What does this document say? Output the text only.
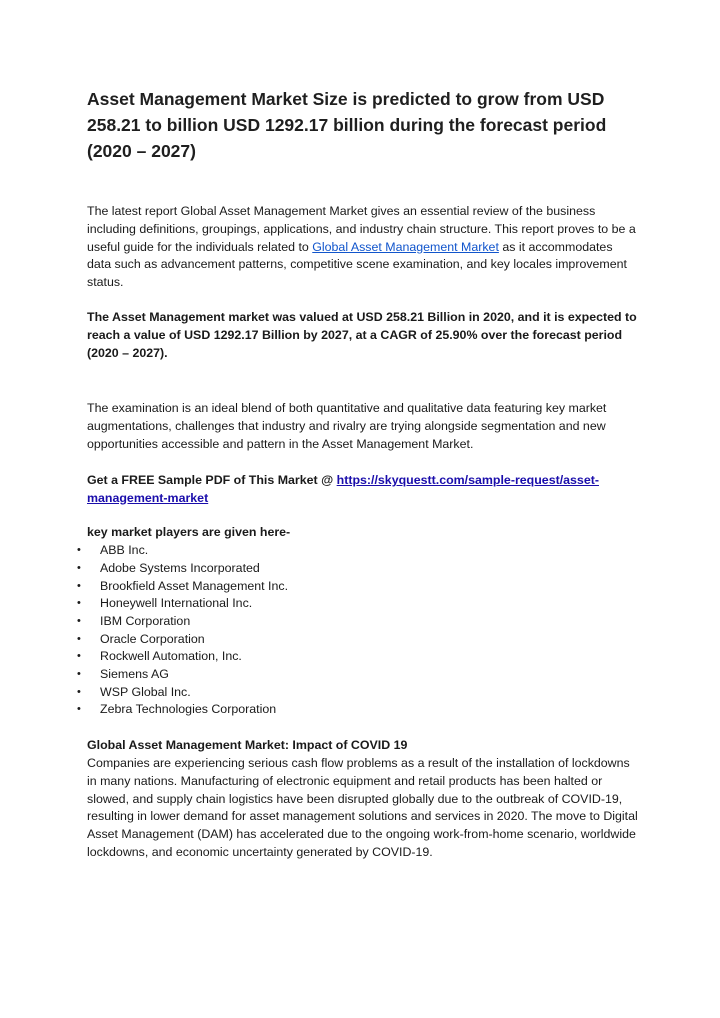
Asset Management Market Size is predicted to grow from USD 258.21 to billion USD 1292.17 billion during the forecast period (2020 – 2027)

The latest report Global Asset Management Market gives an essential review of the business including definitions, groupings, applications, and industry chain structure. This report proves to be a useful guide for the individuals related to Global Asset Management Market as it accommodates data such as advancement patterns, competitive scene examination, and key locales improvement status.

The Asset Management market was valued at USD 258.21 Billion in 2020, and it is expected to reach a value of USD 1292.17 Billion by 2027, at a CAGR of 25.90% over the forecast period (2020 – 2027).

The examination is an ideal blend of both quantitative and qualitative data featuring key market augmentations, challenges that industry and rivalry are trying alongside segmentation and new opportunities accessible and pattern in the Asset Management Market.

Get a FREE Sample PDF of This Market @ https://skyquestt.com/sample-request/asset-management-market

key market players are given here-

• ABB Inc.
• Adobe Systems Incorporated
• Brookfield Asset Management Inc.
• Honeywell International Inc.
• IBM Corporation
• Oracle Corporation
• Rockwell Automation, Inc.
• Siemens AG
• WSP Global Inc.
• Zebra Technologies Corporation

Global Asset Management Market: Impact of COVID 19

Companies are experiencing serious cash flow problems as a result of the installation of lockdowns in many nations. Manufacturing of electronic equipment and retail products has been halted or slowed, and supply chain logistics have been disrupted globally due to the outbreak of COVID-19, resulting in lower demand for asset management solutions and services in 2020. The move to Digital Asset Management (DAM) has accelerated due to the ongoing work-from-home scenario, worldwide lockdowns, and economic uncertainty generated by COVID-19.
